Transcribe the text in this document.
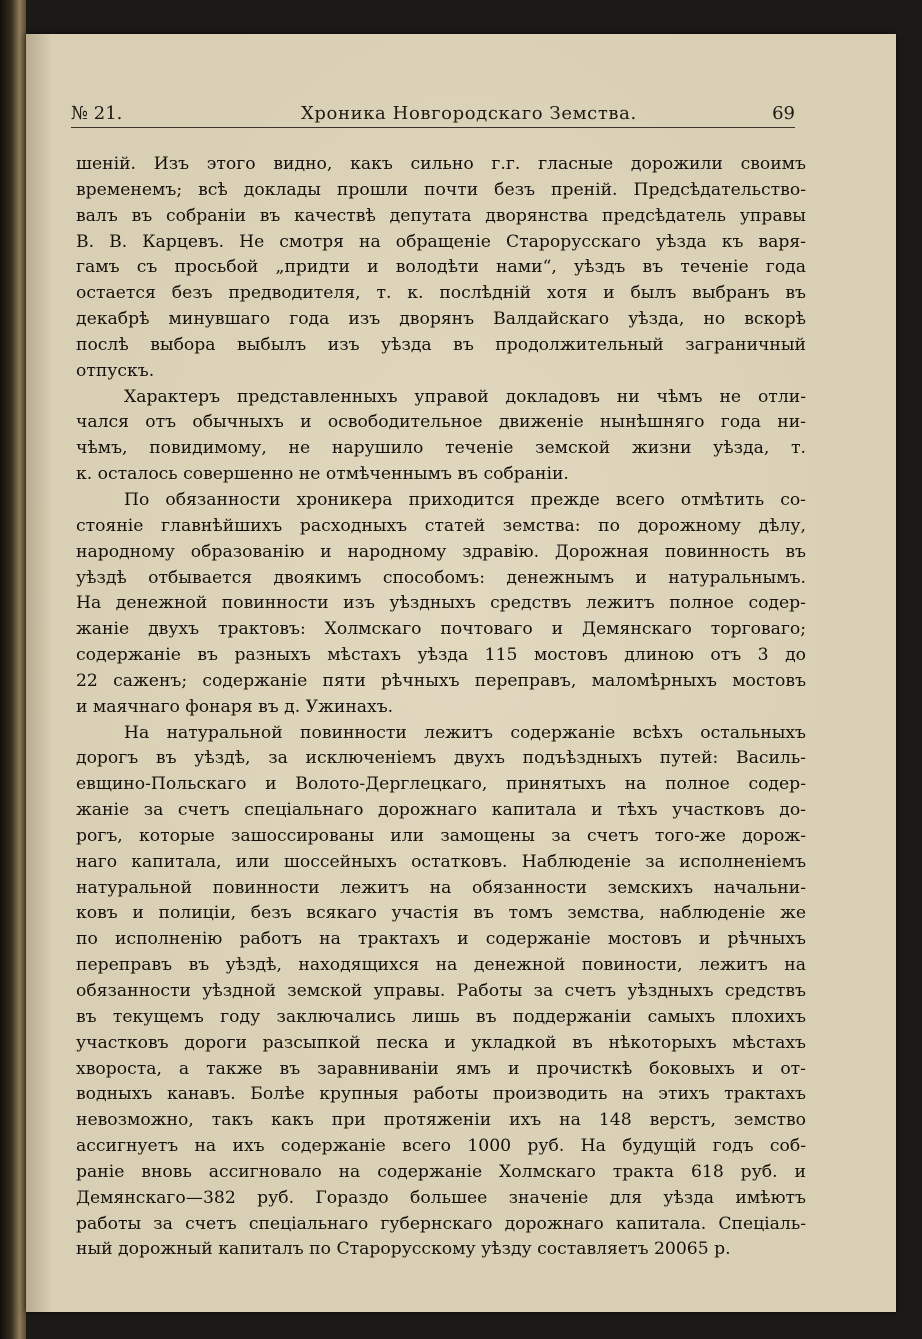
№ 21.	Хроника Новгородскаго Земства.	69
шеній. Изъ этого видно, какъ сильно г.г. гласные дорожили своимъ
временемъ; всѣ доклады прошли почти безъ преній. Предсѣдательство-
валъ въ собраніи въ качествѣ депутата дворянства предсѣдатель управы
В. В. Карцевъ. Не смотря на обращеніе Старорусскаго уѣзда къ варя-
гамъ съ просьбой „придти и володѣти нами“, уѣздъ въ теченіе года
остается безъ предводителя, т. к. послѣдній хотя и былъ выбранъ въ
декабрѣ минувшаго года изъ дворянъ Валдайскаго уѣзда, но вскорѣ
послѣ выбора выбылъ изъ уѣзда въ продолжительный заграничный
отпускъ.
Характеръ представленныхъ управой докладовъ ни чѣмъ не отли-
чался отъ обычныхъ и освободительное движеніе нынѣшняго года ни-
чѣмъ, повидимому, не нарушило теченіе земской жизни уѣзда, т.
к. осталось совершенно не отмѣченнымъ въ собраніи.
По обязанности хроникера приходится прежде всего отмѣтить со-
стояніе главнѣйшихъ расходныхъ статей земства: по дорожному дѣлу,
народному образованію и народному здравію. Дорожная повинность въ
уѣздѣ отбывается двоякимъ способомъ: денежнымъ и натуральнымъ.
На денежной повинности изъ уѣздныхъ средствъ лежитъ полное содер-
жаніе двухъ трактовъ: Холмскаго почтоваго и Демянскаго торговаго;
содержаніе въ разныхъ мѣстахъ уѣзда 115 мостовъ длиною отъ 3 до
22 саженъ; содержаніе пяти рѣчныхъ переправъ, маломѣрныхъ мостовъ
и маячнаго фонаря въ д. Ужинахъ.
На натуральной повинности лежитъ содержаніе всѣхъ остальныхъ
дорогъ въ уѣздѣ, за исключеніемъ двухъ подъѣздныхъ путей: Василь-
евщино-Польскаго и Волото-Дерглецкаго, принятыхъ на полное содер-
жаніе за счетъ спеціальнаго дорожнаго капитала и тѣхъ участковъ до-
рогъ, которые зашоссированы или замощены за счетъ того-же дорож-
наго капитала, или шоссейныхъ остатковъ. Наблюденіе за исполненіемъ
натуральной повинности лежитъ на обязанности земскихъ начальни-
ковъ и полиціи, безъ всякаго участія въ томъ земства, наблюденіе же
по исполненію работъ на трактахъ и содержаніе мостовъ и рѣчныхъ
переправъ въ уѣздѣ, находящихся на денежной повиности, лежитъ на
обязанности уѣздной земской управы. Работы за счетъ уѣздныхъ средствъ
въ текущемъ году заключались лишь въ поддержаніи самыхъ плохихъ
участковъ дороги разсыпкой песка и укладкой въ нѣкоторыхъ мѣстахъ
хвороста, а также въ заравниваніи ямъ и прочисткѣ боковыхъ и от-
водныхъ канавъ. Болѣе крупныя работы производить на этихъ трактахъ
невозможно, такъ какъ при протяженіи ихъ на 148 верстъ, земство
ассигнуетъ на ихъ содержаніе всего 1000 руб. На будущій годъ соб-
раніе вновь ассигновало на содержаніе Холмскаго тракта 618 руб. и
Демянскаго—382 руб. Гораздо большее значеніе для уѣзда имѣютъ
работы за счетъ спеціальнаго губернскаго дорожнаго капитала. Спеціаль-
ный дорожный капиталъ по Старорусскому уѣзду составляетъ 20065 р.
